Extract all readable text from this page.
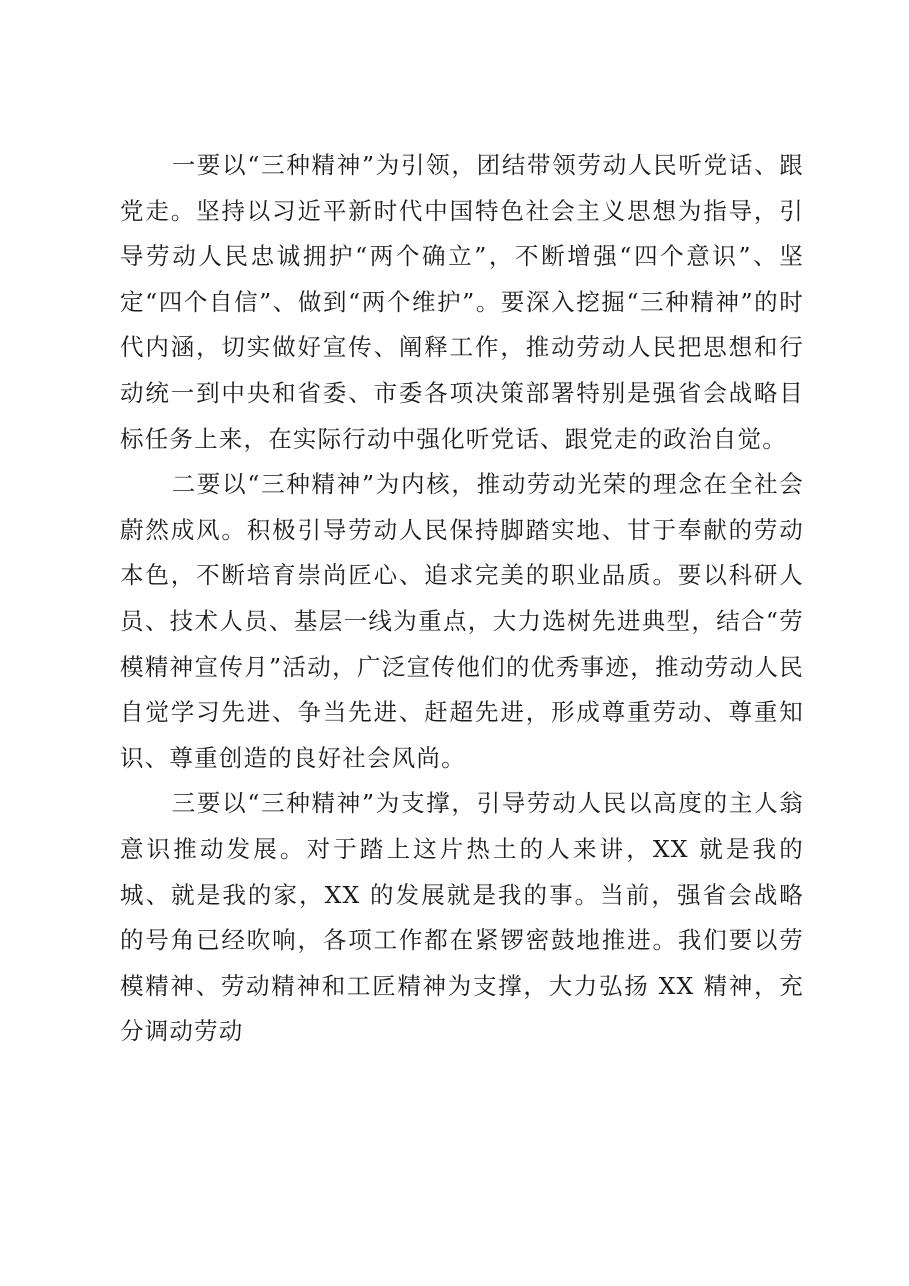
一要以“三种精神”为引领，团结带领劳动人民听党话、跟党走。坚持以习近平新时代中国特色社会主义思想为指导，引导劳动人民忠诚拥护“两个确立”，不断增强“四个意识”、坚定“四个自信”、做到“两个维护”。要深入挖掘“三种精神”的时代内涵，切实做好宣传、阐释工作，推动劳动人民把思想和行动统一到中央和省委、市委各项决策部署特别是强省会战略目标任务上来，在实际行动中强化听党话、跟党走的政治自觉。

二要以“三种精神”为内核，推动劳动光荣的理念在全社会蔚然成风。积极引导劳动人民保持脚踏实地、甘于奉献的劳动本色，不断培育崇尚匠心、追求完美的职业品质。要以科研人员、技术人员、基层一线为重点，大力选树先进典型，结合“劳模精神宣传月”活动，广泛宣传他们的优秀事迹，推动劳动人民自觉学习先进、争当先进、赶超先进，形成尊重劳动、尊重知识、尊重创造的良好社会风尚。

三要以“三种精神”为支撑，引导劳动人民以高度的主人翁意识推动发展。对于踏上这片热土的人来讲，XX 就是我的城、就是我的家，XX 的发展就是我的事。当前，强省会战略的号角已经吹响，各项工作都在紧锣密鼓地推进。我们要以劳模精神、劳动精神和工匠精神为支撑，大力弘扬 XX 精神，充分调动劳动
